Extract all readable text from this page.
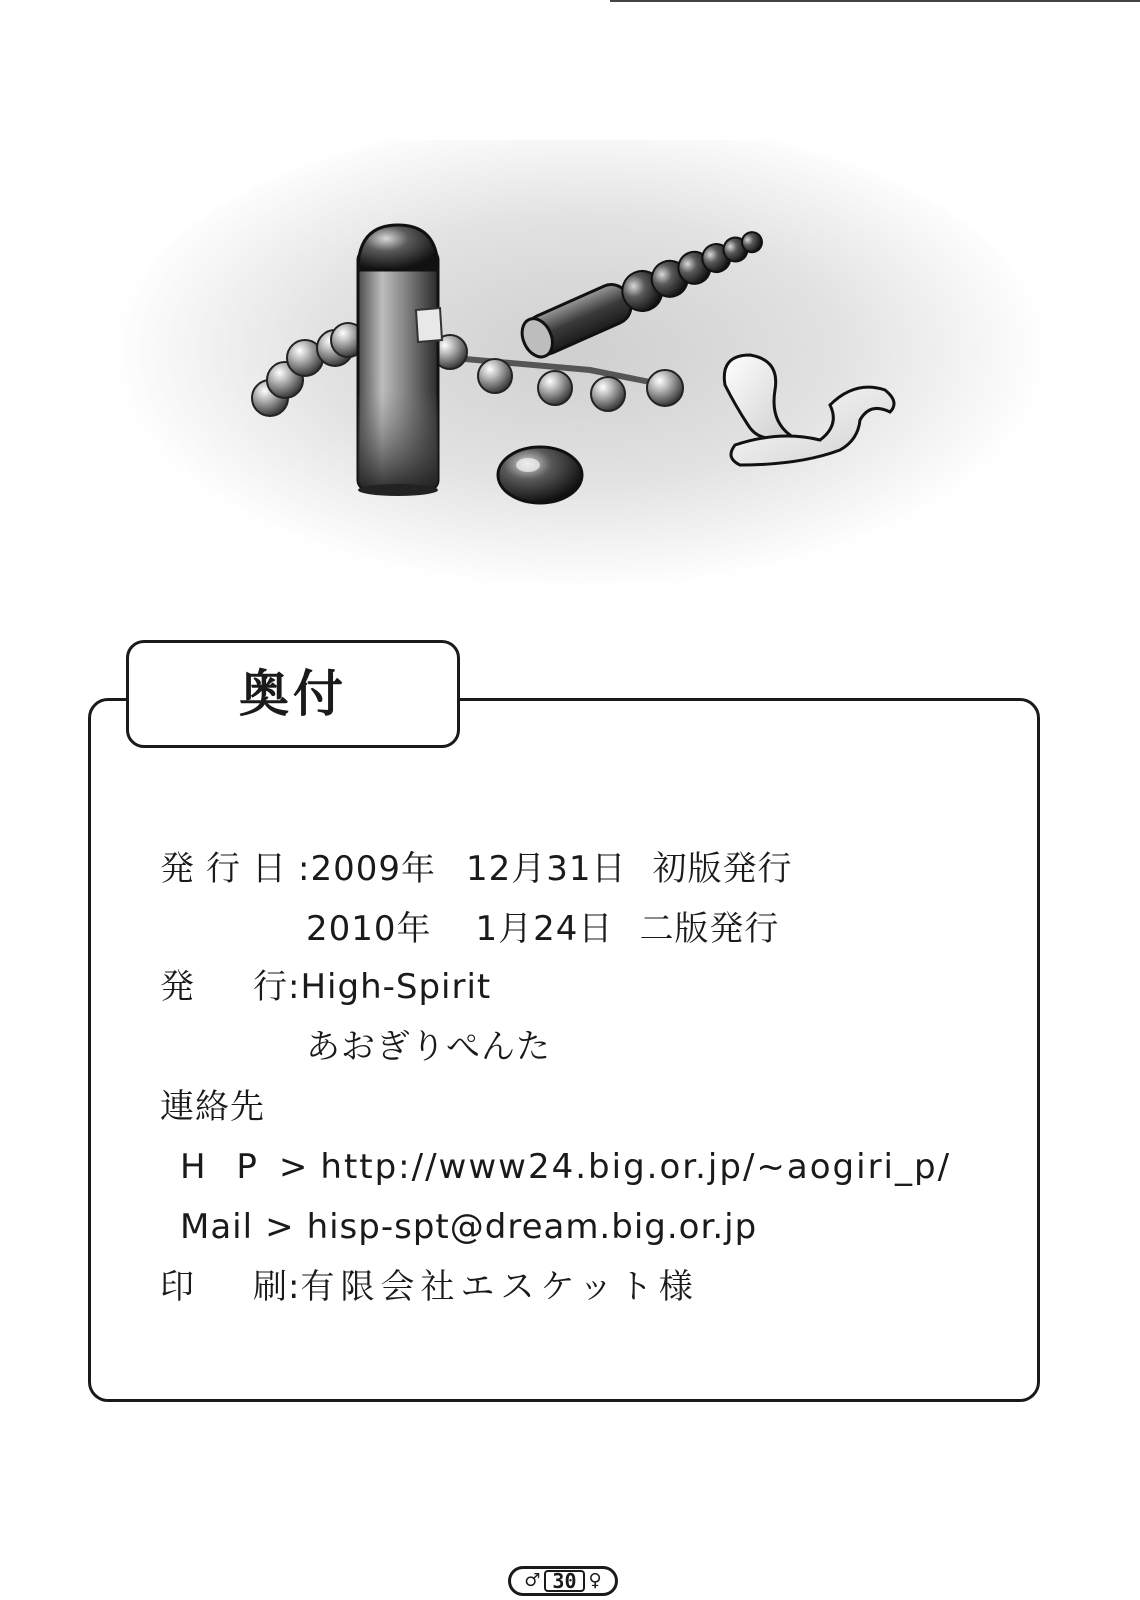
奥付
発行日:2009年 12月31日 初版発行
2010年 1月24日 二版発行
発 行:High-Spirit
あおぎりぺんた
連絡先
H P > http://www24.big.or.jp/~aogiri_p/
Mail > hisp-spt@dream.big.or.jp
印 刷:有限会社エスケット様
♂ 30 ♀
